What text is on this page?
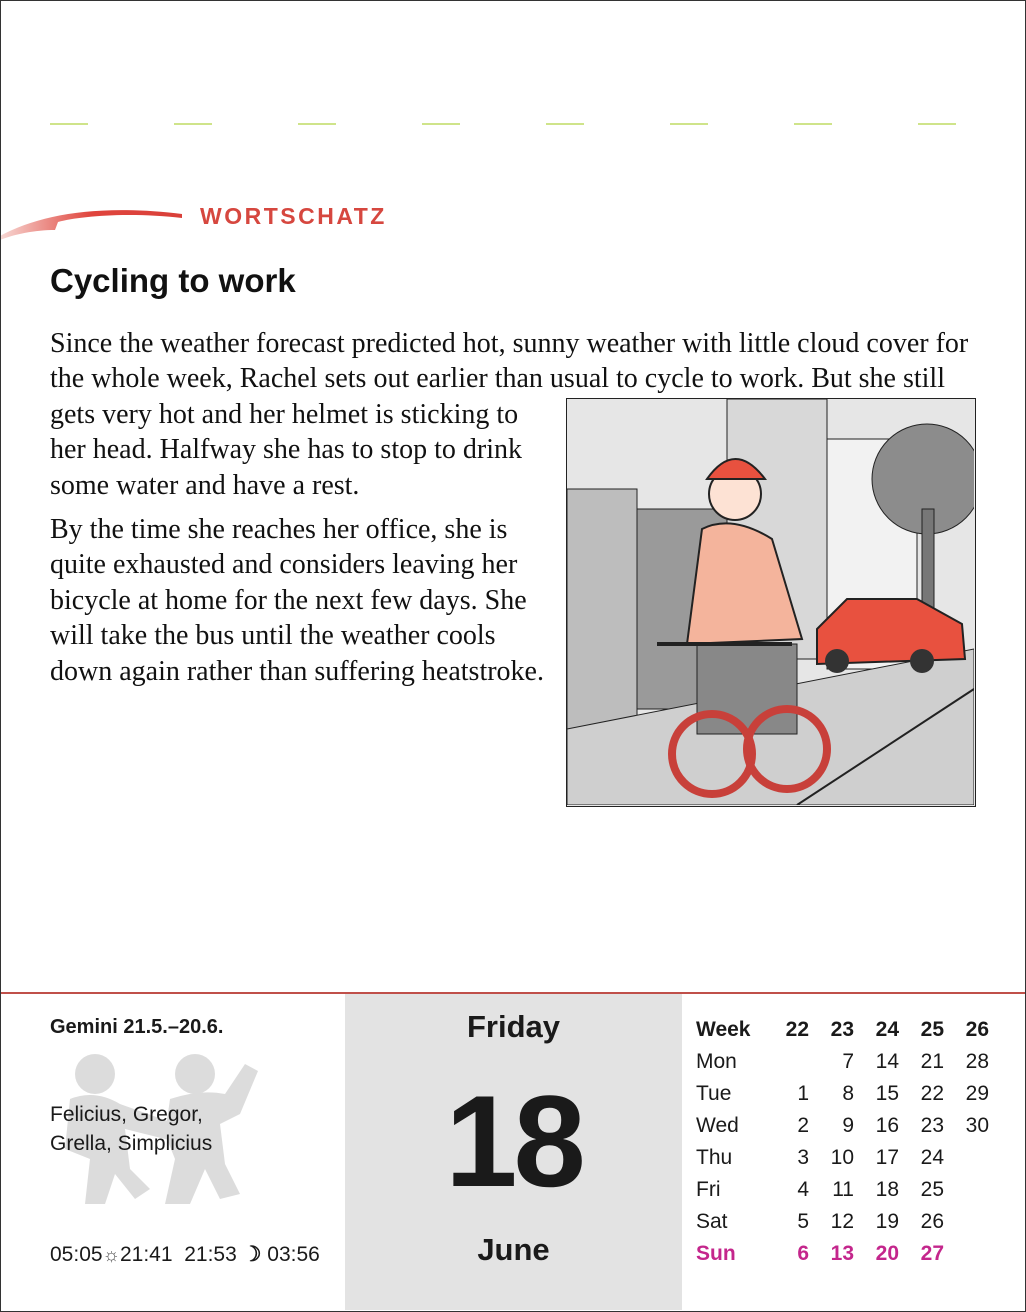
WORTSCHATZ
Cycling to work

Since the weather forecast predicted hot, sunny weather with little cloud cover for the whole week, Rachel sets out earlier than usual to cycle to work. But she still gets very hot and her helmet is sticking to her head. Halfway she has to stop to drink some water and have a rest.

By the time she reaches her office, she is quite exhausted and considers leaving her bicycle at home for the next few days. She will take the bus until the weather cools down again rather than suffering heatstroke.

Gemini 21.5.–20.6.
Felicius, Gregor, Grella, Simplicius
05:05☼21:41 21:53 ☽ 03:56
Friday
18
June
Week	22	23	24	25	26
Mon		7	14	21	28
Tue	1	8	15	22	29
Wed	2	9	16	23	30
Thu	3	10	17	24	
Fri	4	11	18	25	
Sat	5	12	19	26	
Sun	6	13	20	27	
